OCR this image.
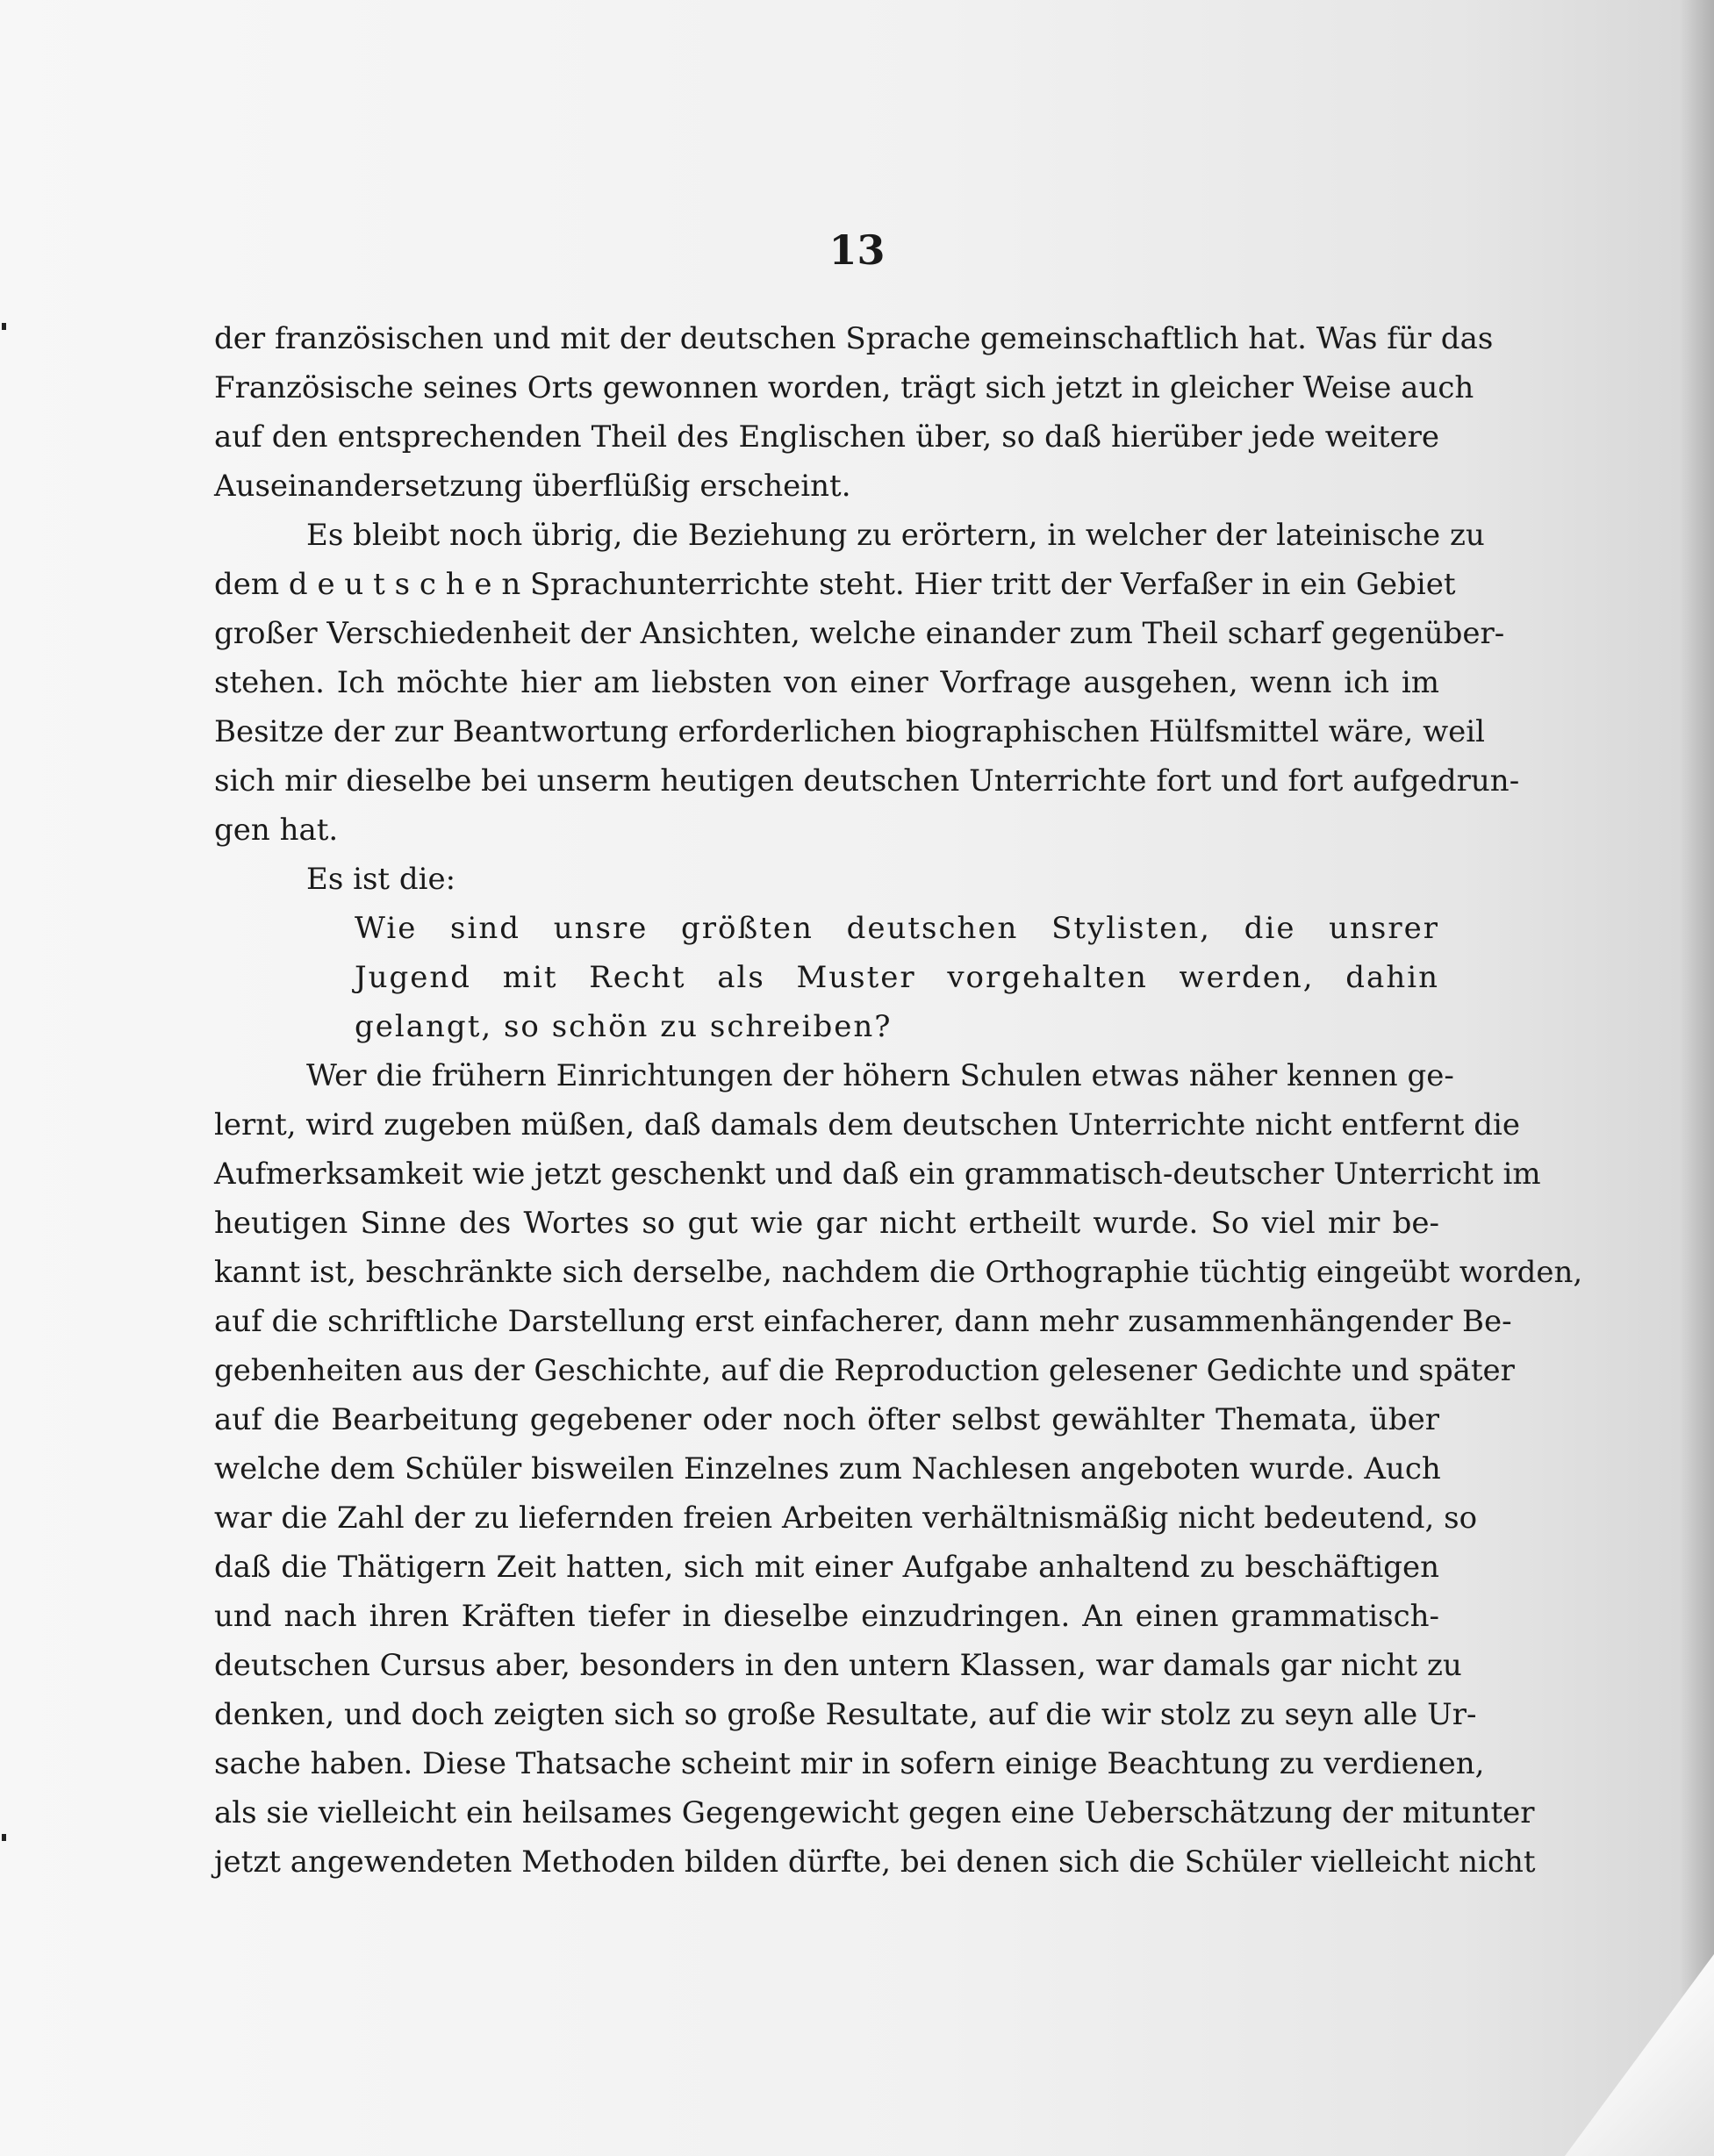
13
der französischen und mit der deutschen Sprache gemeinschaftlich hat. Was für das
Französische seines Orts gewonnen worden, trägt sich jetzt in gleicher Weise auch
auf den entsprechenden Theil des Englischen über, so daß hierüber jede weitere
Auseinandersetzung überflüßig erscheint.
Es bleibt noch übrig, die Beziehung zu erörtern, in welcher der lateinische zu
dem d e u t s c h e n Sprachunterrichte steht. Hier tritt der Verfaßer in ein Gebiet
großer Verschiedenheit der Ansichten, welche einander zum Theil scharf gegenüber-
stehen. Ich möchte hier am liebsten von einer Vorfrage ausgehen, wenn ich im
Besitze der zur Beantwortung erforderlichen biographischen Hülfsmittel wäre, weil
sich mir dieselbe bei unserm heutigen deutschen Unterrichte fort und fort aufgedrun-
gen hat.
Es ist die:
Wie sind unsre größten deutschen Stylisten, die unsrer
Jugend mit Recht als Muster vorgehalten werden, dahin
gelangt, so schön zu schreiben?
Wer die frühern Einrichtungen der höhern Schulen etwas näher kennen ge-
lernt, wird zugeben müßen, daß damals dem deutschen Unterrichte nicht entfernt die
Aufmerksamkeit wie jetzt geschenkt und daß ein grammatisch-deutscher Unterricht im
heutigen Sinne des Wortes so gut wie gar nicht ertheilt wurde. So viel mir be-
kannt ist, beschränkte sich derselbe, nachdem die Orthographie tüchtig eingeübt worden,
auf die schriftliche Darstellung erst einfacherer, dann mehr zusammenhängender Be-
gebenheiten aus der Geschichte, auf die Reproduction gelesener Gedichte und später
auf die Bearbeitung gegebener oder noch öfter selbst gewählter Themata, über
welche dem Schüler bisweilen Einzelnes zum Nachlesen angeboten wurde. Auch
war die Zahl der zu liefernden freien Arbeiten verhältnismäßig nicht bedeutend, so
daß die Thätigern Zeit hatten, sich mit einer Aufgabe anhaltend zu beschäftigen
und nach ihren Kräften tiefer in dieselbe einzudringen. An einen grammatisch-
deutschen Cursus aber, besonders in den untern Klassen, war damals gar nicht zu
denken, und doch zeigten sich so große Resultate, auf die wir stolz zu seyn alle Ur-
sache haben. Diese Thatsache scheint mir in sofern einige Beachtung zu verdienen,
als sie vielleicht ein heilsames Gegengewicht gegen eine Ueberschätzung der mitunter
jetzt angewendeten Methoden bilden dürfte, bei denen sich die Schüler vielleicht nicht
